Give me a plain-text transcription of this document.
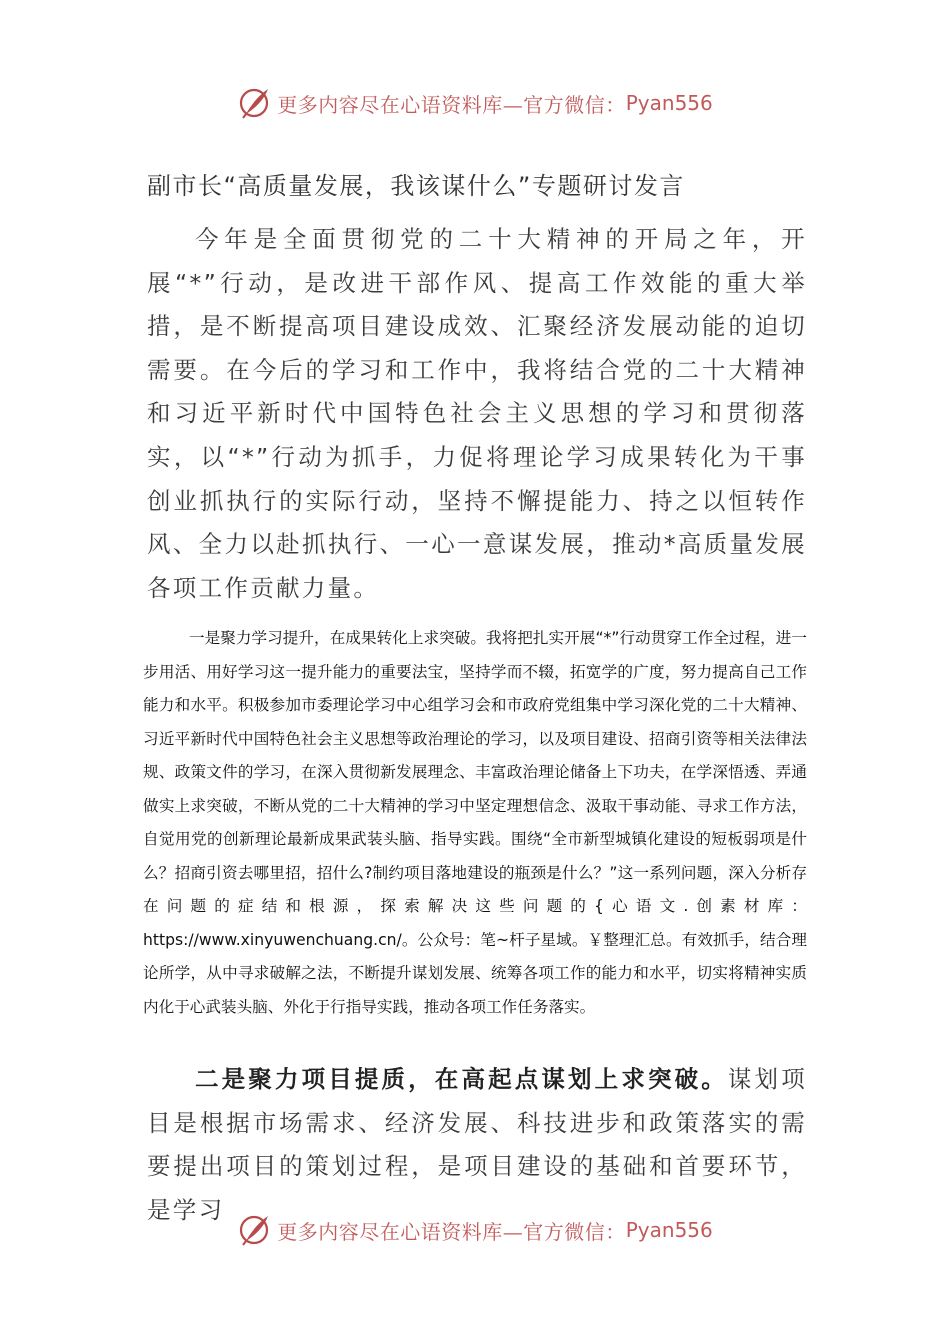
更多内容尽在心语资料库—官方微信： Pyan556
副市长“高质量发展，我该谋什么”专题研讨发言

今年是全面贯彻党的二十大精神的开局之年，开展“*”行动，是改进干部作风、提高工作效能的重大举措，是不断提高项目建设成效、汇聚经济发展动能的迫切需要。在今后的学习和工作中，我将结合党的二十大精神和习近平新时代中国特色社会主义思想的学习和贯彻落实，以“*”行动为抓手，力促将理论学习成果转化为干事创业抓执行的实际行动，坚持不懈提能力、持之以恒转作风、全力以赴抓执行、一心一意谋发展，推动*高质量发展各项工作贡献力量。

一是聚力学习提升，在成果转化上求突破。我将把扎实开展“*”行动贯穿工作全过程，进一步用活、用好学习这一提升能力的重要法宝，坚持学而不辍，拓宽学的广度，努力提高自己工作能力和水平。积极参加市委理论学习中心组学习会和市政府党组集中学习深化党的二十大精神、习近平新时代中国特色社会主义思想等政治理论的学习，以及项目建设、招商引资等相关法律法规、政策文件的学习，在深入贯彻新发展理念、丰富政治理论储备上下功夫，在学深悟透、弄通做实上求突破，不断从党的二十大精神的学习中坚定理想信念、汲取干事动能、寻求工作方法，自觉用党的创新理论最新成果武装头脑、指导实践。围绕“全市新型城镇化建设的短板弱项是什么？招商引资去哪里招，招什么?制约项目落地建设的瓶颈是什么？”这一系列问题，深入分析存在问题的症结和根源，探索解决这些问题的{心语文.创素材库：https://www.xinyuwenchuang.cn/。公众号：笔~杆子星域。￥整理汇总。有效抓手，结合理论所学，从中寻求破解之法，不断提升谋划发展、统筹各项工作的能力和水平，切实将精神实质内化于心武装头脑、外化于行指导实践，推动各项工作任务落实。

二是聚力项目提质，在高起点谋划上求突破。谋划项目是根据市场需求、经济发展、科技进步和政策落实的需要提出项目的策划过程，是项目建设的基础和首要环节，是学习

更多内容尽在心语资料库—官方微信： Pyan556
